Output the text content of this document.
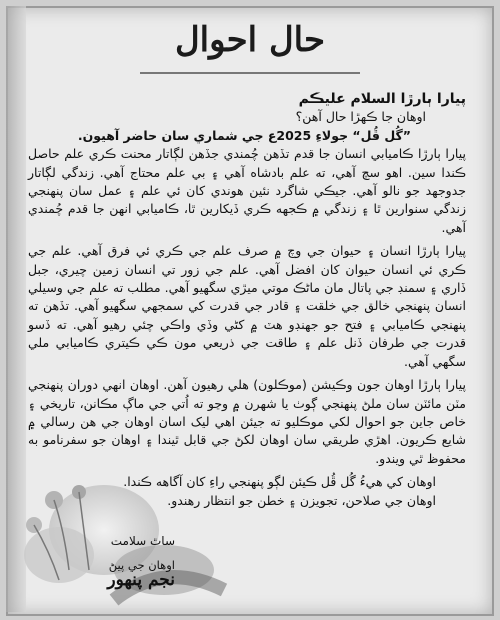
حال احوال

پيارا ٻارڙا السلام عليڪم

اوهان جا ڪهڙا حال آهن؟

”گُل ڦُل“ جولاءِ 2025ع جي شماري سان حاضر آهيون.

پيارا ٻارڙا ڪاميابي انسان جا قدم تڏهن چُمندي جڏهن لڳاتار محنت ڪري علم حاصل ڪندا سين. اهو سچ آهي، ته علم بادشاه آهي ۽ بي علم محتاج آهي. زندگي لڳاتار جدوجهد جو نالو آهي. جيڪي شاگرد نئين هوندي کان ئي علم ۽ عمل سان پنهنجي زندگي سنوارين ٿا ۽ زندگي ۾ ڪجهه ڪري ڏيکارين ٿا، ڪاميابي انهن جا قدم چُمندي آهي.

پيارا ٻارڙا انسان ۽ حيوان جي وچ ۾ صرف علم جي ڪري ئي فرق آهي. علم جي ڪري ئي انسان حيوان کان افضل آهي. علم جي زور تي انسان زمين چيري، جبل ڏاري ۽ سمنڊ جي پاتال مان ماڻڪ موتي ميڙي سگهيو آهي. مطلب ته علم جي وسيلي انسان پنهنجي خالق جي خلقت ۽ قادر جي قدرت کي سمجهي سگهيو آهي. تڏهن ته پنهنجي ڪاميابي ۽ فتح جو جهنڊو هٽ ۾ کڻي وڏي واڪي چئي رهيو آهي. ته ڏسو قدرت جي طرفان ڏنل علم ۽ طاقت جي ذريعي مون ڪي ڪيتري ڪاميابي ملي سگهي آهي.

پيارا ٻارڙا اوهان جون وڪيشن (موڪلون) هلي رهيون آهن. اوهان انهي دوران پنهنجي مٽن مائٽن سان ملڻ پنهنجي ڳوٺ يا شهرن ۾ وڃو ته اُتي جي ماڳ مڪانن، تاريخي ۽ خاص جاين جو احوال لکي موڪليو ته جيئن اهي ليک اسان اوهان جي هن رسالي ۾ شايع ڪريون. اهڙي طريقي سان اوهان لکڻ جي قابل ٿيندا ۽ اوهان جو سفرنامو به محفوظ ٿي ويندو.

اوهان کي هيءُ گُل ڦُل ڪيئن لڳو پنهنجي راءِ کان آگاهه ڪندا.

اوهان جي صلاحن، تجويزن ۽ خطن جو انتظار رهندو.

ساٿ سلامت
اوهان جي پيڻ
نجم پنهور
